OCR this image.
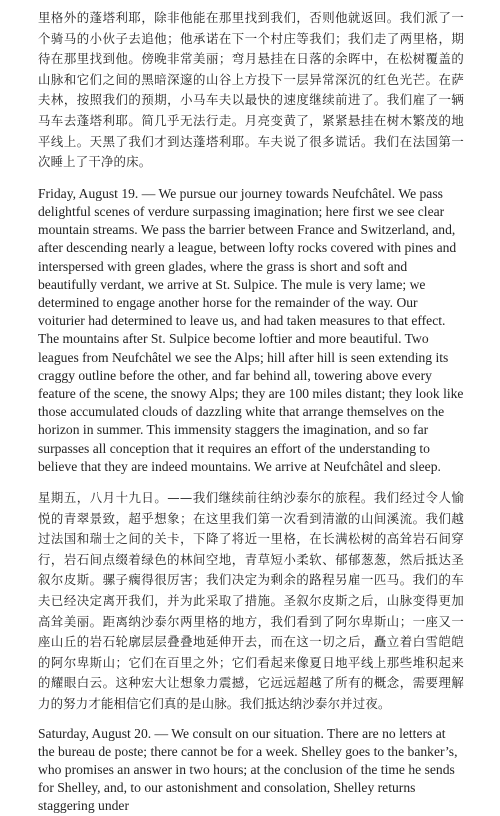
里格外的蓬塔利耶，除非他能在那里找到我们，否则他就返回。我们派了一个骑马的小伙子去追他；他承诺在下一个村庄等我们；我们走了两里格，期待在那里找到他。傍晚非常美丽；弯月悬挂在日落的余晖中，在松树覆盖的山脉和它们之间的黑暗深邃的山谷上方投下一层异常深沉的红色光芒。在萨夫林，按照我们的预期，小马车夫以最快的速度继续前进了。我们雇了一辆马车去蓬塔利耶。简几乎无法行走。月亮变黄了，紧紧悬挂在树木繁茂的地平线上。天黑了我们才到达蓬塔利耶。车夫说了很多谎话。我们在法国第一次睡上了干净的床。

Friday, August 19. — We pursue our journey towards Neufchâtel. We pass delightful scenes of verdure surpassing imagination; here first we see clear mountain streams. We pass the barrier between France and Switzerland, and, after descending nearly a league, between lofty rocks covered with pines and interspersed with green glades, where the grass is short and soft and beautifully verdant, we arrive at St. Sulpice. The mule is very lame; we determined to engage another horse for the remainder of the way. Our voiturier had determined to leave us, and had taken measures to that effect. The mountains after St. Sulpice become loftier and more beautiful. Two leagues from Neufchâtel we see the Alps; hill after hill is seen extending its craggy outline before the other, and far behind all, towering above every feature of the scene, the snowy Alps; they are 100 miles distant; they look like those accumulated clouds of dazzling white that arrange themselves on the horizon in summer. This immensity staggers the imagination, and so far surpasses all conception that it requires an effort of the understanding to believe that they are indeed mountains. We arrive at Neufchâtel and sleep.

星期五，八月十九日。——我们继续前往纳沙泰尔的旅程。我们经过令人愉悦的青翠景致，超乎想象；在这里我们第一次看到清澈的山间溪流。我们越过法国和瑞士之间的关卡，下降了将近一里格，在长满松树的高耸岩石间穿行，岩石间点缀着绿色的林间空地，青草短小柔软、郁郁葱葱，然后抵达圣叙尔皮斯。骡子瘸得很厉害；我们决定为剩余的路程另雇一匹马。我们的车夫已经决定离开我们，并为此采取了措施。圣叙尔皮斯之后，山脉变得更加高耸美丽。距离纳沙泰尔两里格的地方，我们看到了阿尔卑斯山；一座又一座山丘的岩石轮廓层层叠叠地延伸开去，而在这一切之后，矗立着白雪皑皑的阿尔卑斯山；它们在百里之外；它们看起来像夏日地平线上那些堆积起来的耀眼白云。这种宏大让想象力震撼，它远远超越了所有的概念，需要理解力的努力才能相信它们真的是山脉。我们抵达纳沙泰尔并过夜。

Saturday, August 20. — We consult on our situation. There are no letters at the bureau de poste; there cannot be for a week. Shelley goes to the banker’s, who promises an answer in two hours; at the conclusion of the time he sends for Shelley, and, to our astonishment and consolation, Shelley returns staggering under
